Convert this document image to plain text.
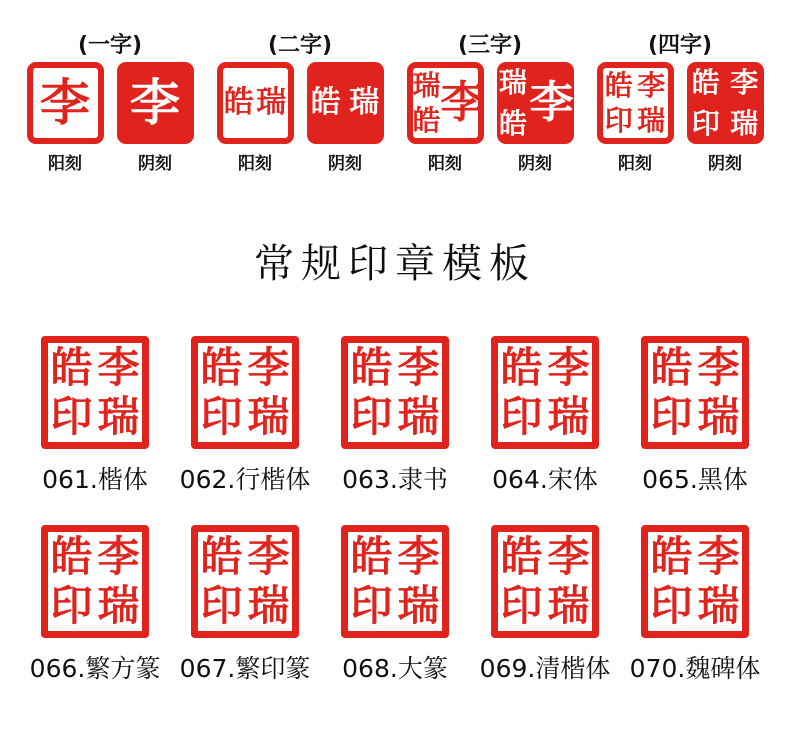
(一字)
李
阳刻
李
阴刻
(二字)
皓 瑞
阳刻
皓 瑞
阴刻
(三字)
瑞
皓 李
阳刻
瑞
皓 李
阴刻
(四字)
皓 李
印 瑞
阳刻
皓 李
印 瑞
阴刻
常规印章模板
皓 李
印 瑞
061.楷体
皓 李
印 瑞
062.行楷体
皓 李
印 瑞
063.隶书
皓 李
印 瑞
064.宋体
皓 李
印 瑞
065.黑体
皓 李
印 瑞
066.繁方篆
皓 李
印 瑞
067.繁印篆
皓 李
印 瑞
068.大篆
皓 李
印 瑞
069.清楷体
皓 李
印 瑞
070.魏碑体
